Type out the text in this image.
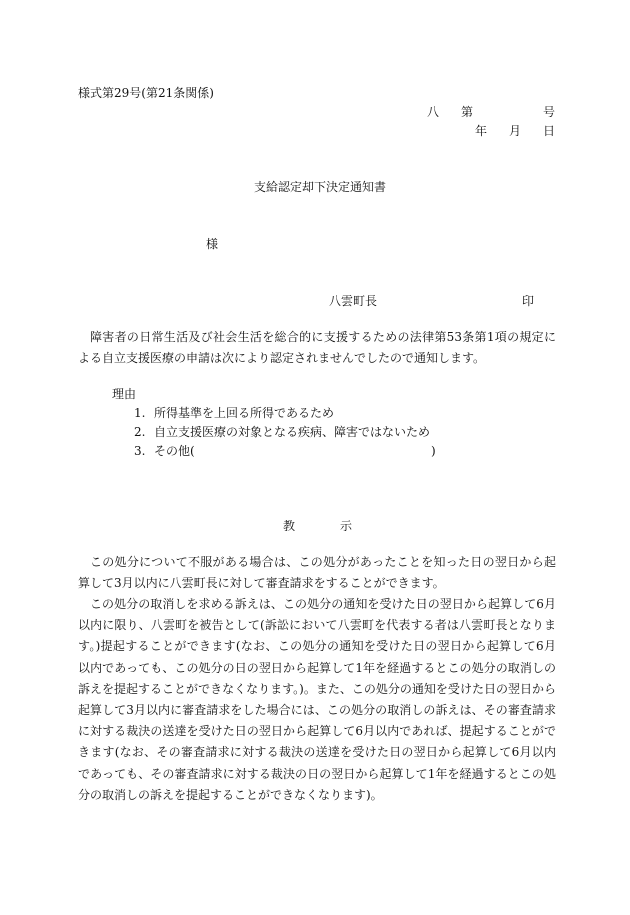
様式第29号(第21条関係)
八 第	号
年 月 日
支給認定却下決定通知書
様
八雲町長	印
障害者の日常生活及び社会生活を総合的に支援するための法律第53条第1項の規定による自立支援医療の申請は次により認定されませんでしたので通知します。
理由
1. 所得基準を上回る所得であるため
2. 自立支援医療の対象となる疾病、障害ではないため
3. その他(	)
教	示
この処分について不服がある場合は、この処分があったことを知った日の翌日から起算して3月以内に八雲町長に対して審査請求をすることができます。
この処分の取消しを求める訴えは、この処分の通知を受けた日の翌日から起算して6月以内に限り、八雲町を被告として(訴訟において八雲町を代表する者は八雲町長となります。)提起することができます(なお、この処分の通知を受けた日の翌日から起算して6月以内であっても、この処分の日の翌日から起算して1年を経過するとこの処分の取消しの訴えを提起することができなくなります。)。また、この処分の通知を受けた日の翌日から起算して3月以内に審査請求をした場合には、この処分の取消しの訴えは、その審査請求に対する裁決の送達を受けた日の翌日から起算して6月以内であれば、提起することができます(なお、その審査請求に対する裁決の送達を受けた日の翌日から起算して6月以内であっても、その審査請求に対する裁決の日の翌日から起算して1年を経過するとこの処分の取消しの訴えを提起することができなくなります)。
